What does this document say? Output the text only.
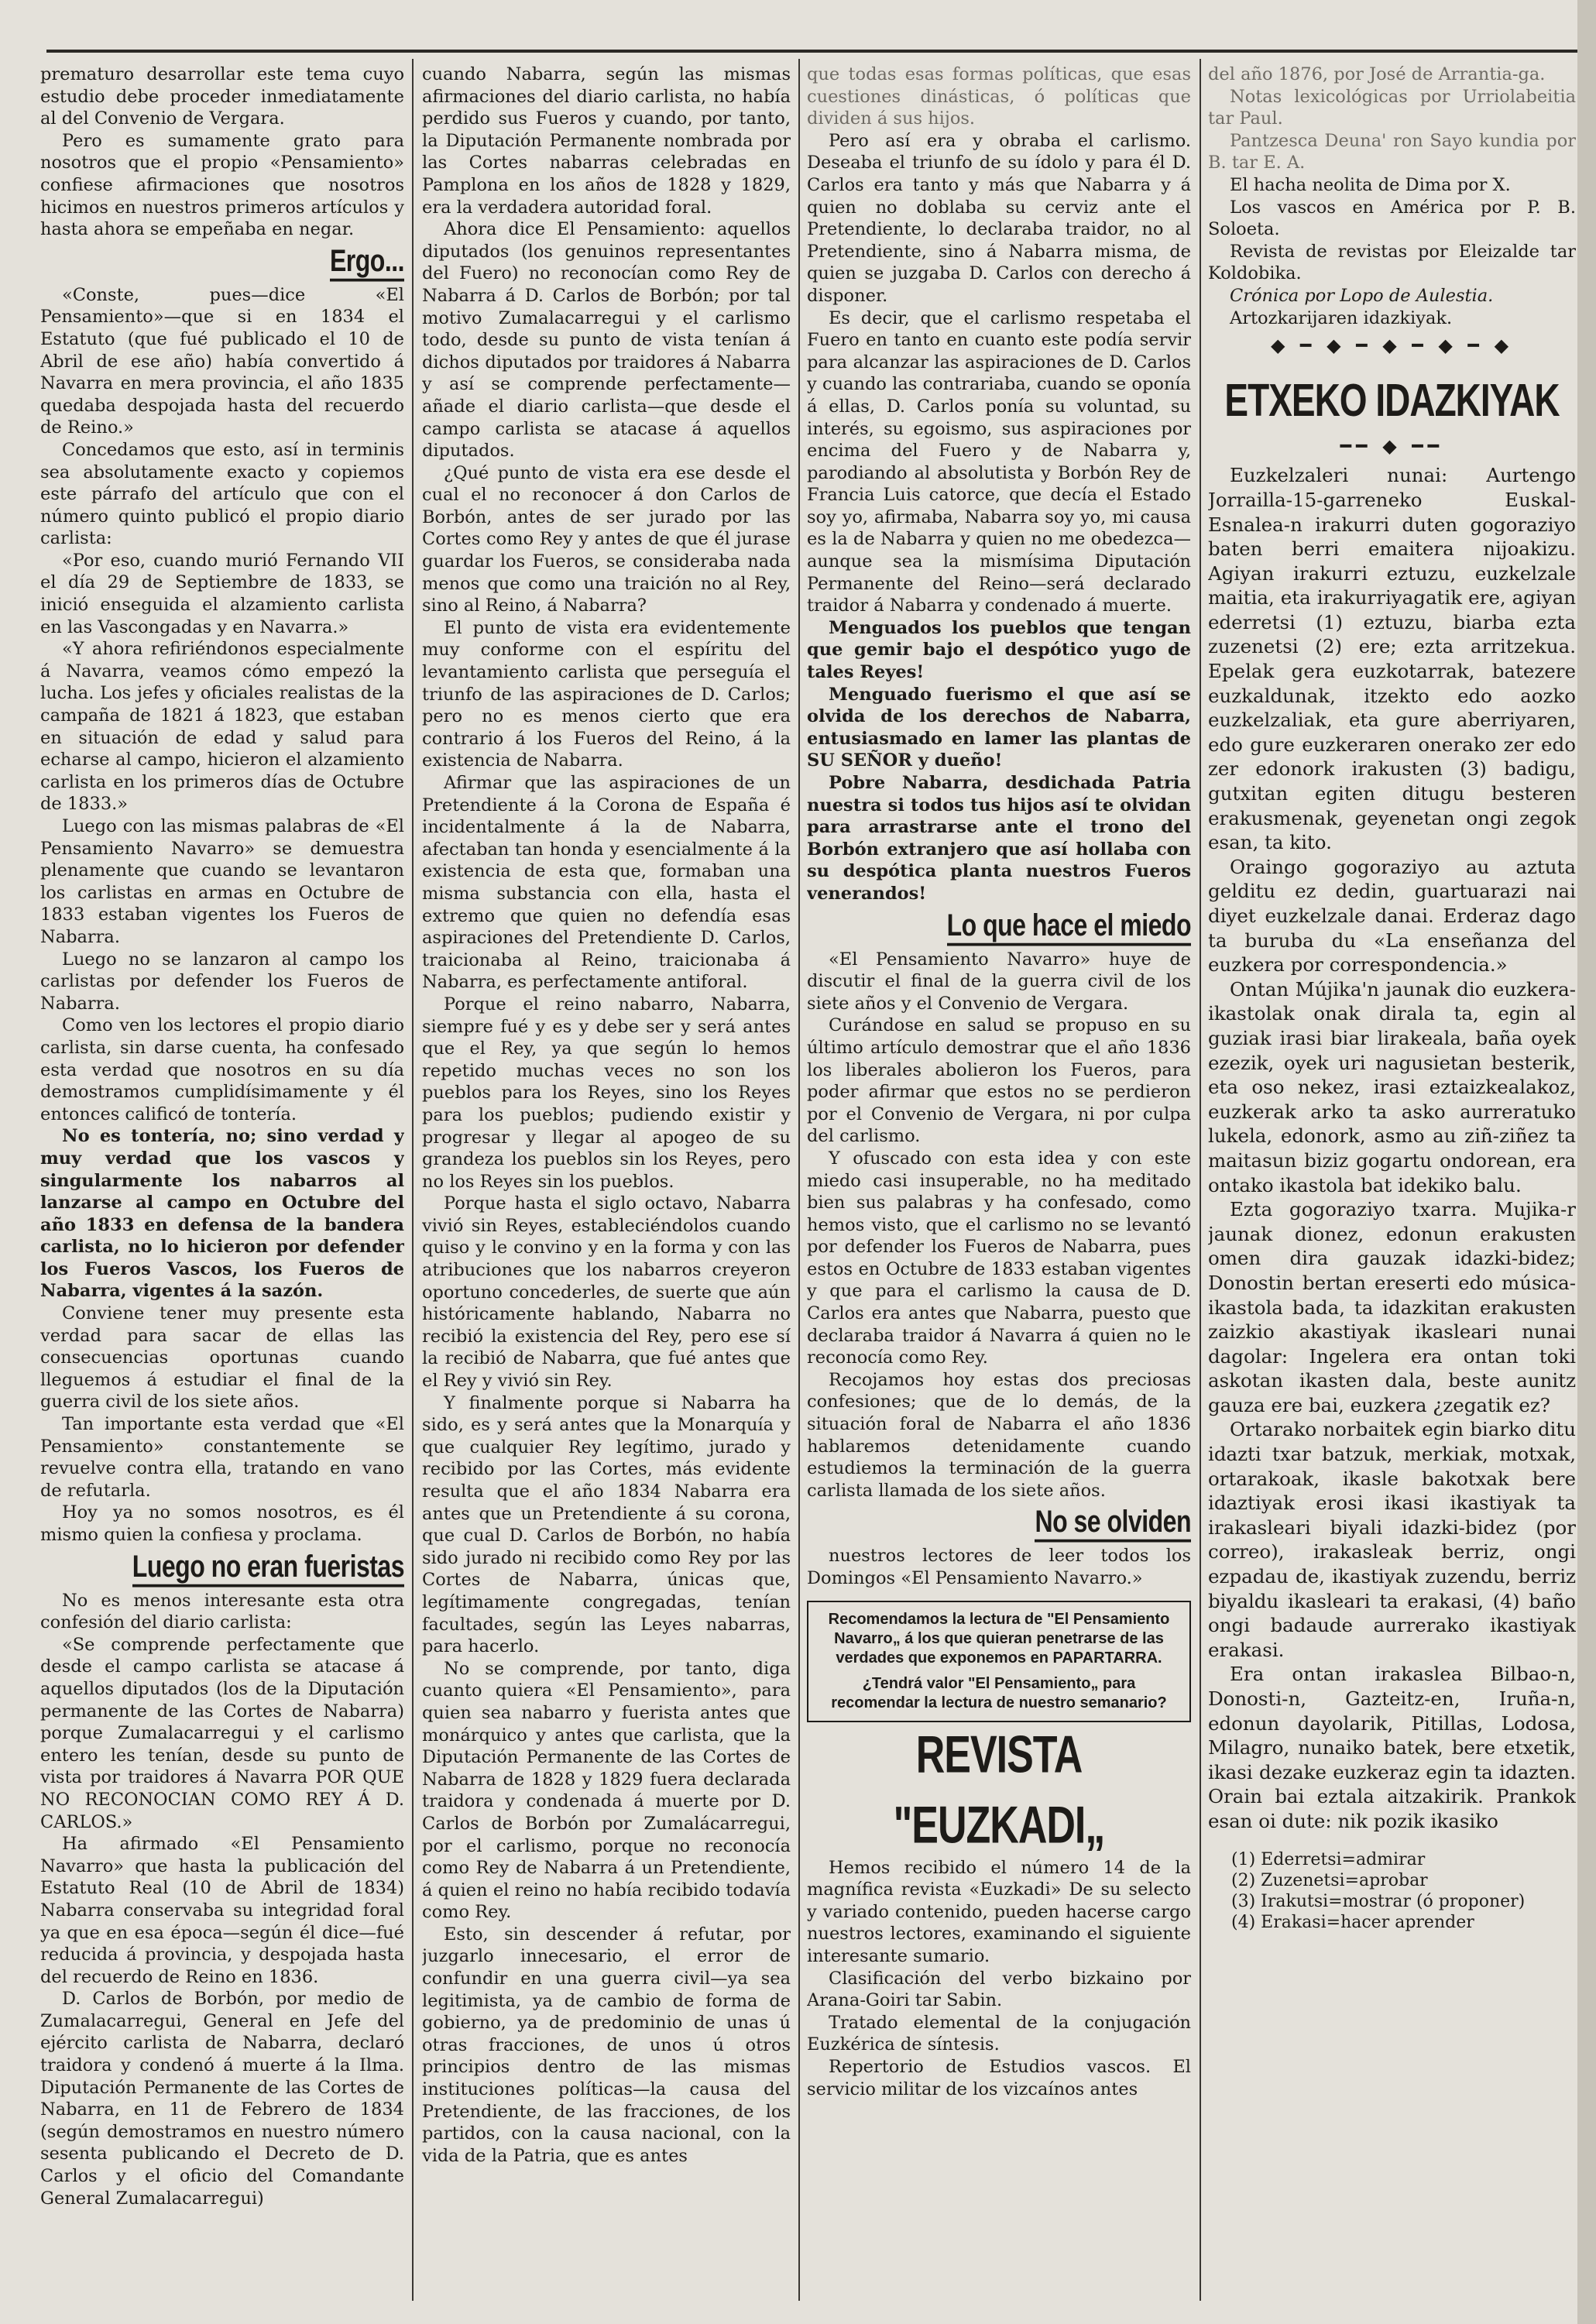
prematuro desarrollar este tema cuyo estudio debe proceder inmediatamente al del Convenio de Vergara.

Pero es sumamente grato para nosotros que el propio «Pensamiento» confiese afirmaciones que nosotros hicimos en nuestros primeros artículos y hasta ahora se empeñaba en negar.

Ergo...

«Conste, pues—dice «El Pensamiento»—que si en 1834 el Estatuto (que fué publicado el 10 de Abril de ese año) había convertido á Navarra en mera provincia, el año 1835 quedaba despojada hasta del recuerdo de Reino.»

Concedamos que esto, así in terminis sea absolutamente exacto y copiemos este párrafo del artículo que con el número quinto publicó el propio diario carlista:

«Por eso, cuando murió Fernando VII el día 29 de Septiembre de 1833, se inició enseguida el alzamiento carlista en las Vascongadas y en Navarra.»

«Y ahora refiriéndonos especialmente á Navarra, veamos cómo empezó la lucha. Los jefes y oficiales realistas de la campaña de 1821 á 1823, que estaban en situación de edad y salud para echarse al campo, hicieron el alzamiento carlista en los primeros días de Octubre de 1833.»

Luego con las mismas palabras de «El Pensamiento Navarro» se demuestra plenamente que cuando se levantaron los carlistas en armas en Octubre de 1833 estaban vigentes los Fueros de Nabarra.

Luego no se lanzaron al campo los carlistas por defender los Fueros de Nabarra.

Como ven los lectores el propio diario carlista, sin darse cuenta, ha confesado esta verdad que nosotros en su día demostramos cumplidísimamente y él entonces calificó de tontería.

No es tontería, no; sino verdad y muy verdad que los vascos y singularmente los nabarros al lanzarse al campo en Octubre del año 1833 en defensa de la bandera carlista, no lo hicieron por defender los Fueros Vascos, los Fueros de Nabarra, vigentes á la sazón.

Conviene tener muy presente esta verdad para sacar de ellas las consecuencias oportunas cuando lleguemos á estudiar el final de la guerra civil de los siete años.

Tan importante esta verdad que «El Pensamiento» constantemente se revuelve contra ella, tratando en vano de refutarla.

Hoy ya no somos nosotros, es él mismo quien la confiesa y proclama.

Luego no eran fueristas

No es menos interesante esta otra confesión del diario carlista:

«Se comprende perfectamente que desde el campo carlista se atacase á aquellos diputados (los de la Diputación permanente de las Cortes de Nabarra) porque Zumalacarregui y el carlismo entero les tenían, desde su punto de vista por traidores á Navarra POR QUE NO RECONOCIAN COMO REY Á D. CARLOS.»

Ha afirmado «El Pensamiento Navarro» que hasta la publicación del Estatuto Real (10 de Abril de 1834) Nabarra conservaba su integridad foral ya que en esa época—según él dice—fué reducida á provincia, y despojada hasta del recuerdo de Reino en 1836.

D. Carlos de Borbón, por medio de Zumalacarregui, General en Jefe del ejército carlista de Nabarra, declaró traidora y condenó á muerte á la Ilma. Diputación Permanente de las Cortes de Nabarra, en 11 de Febrero de 1834 (según demostramos en nuestro número sesenta publicando el Decreto de D. Carlos y el oficio del Comandante General Zumalacarregui)

cuando Nabarra, según las mismas afirmaciones del diario carlista, no había perdido sus Fueros y cuando, por tanto, la Diputación Permanente nombrada por las Cortes nabarras celebradas en Pamplona en los años de 1828 y 1829, era la verdadera autoridad foral.

Ahora dice El Pensamiento: aquellos diputados (los genuinos representantes del Fuero) no reconocían como Rey de Nabarra á D. Carlos de Borbón; por tal motivo Zumalacarregui y el carlismo todo, desde su punto de vista tenían á dichos diputados por traidores á Nabarra y así se comprende perfectamente—añade el diario carlista—que desde el campo carlista se atacase á aquellos diputados.

¿Qué punto de vista era ese desde el cual el no reconocer á don Carlos de Borbón, antes de ser jurado por las Cortes como Rey y antes de que él jurase guardar los Fueros, se consideraba nada menos que como una traición no al Rey, sino al Reino, á Nabarra?

El punto de vista era evidentemente muy conforme con el espíritu del levantamiento carlista que perseguía el triunfo de las aspiraciones de D. Carlos; pero no es menos cierto que era contrario á los Fueros del Reino, á la existencia de Nabarra.

Afirmar que las aspiraciones de un Pretendiente á la Corona de España é incidentalmente á la de Nabarra, afectaban tan honda y esencialmente á la existencia de esta que, formaban una misma substancia con ella, hasta el extremo que quien no defendía esas aspiraciones del Pretendiente D. Carlos, traicionaba al Reino, traicionaba á Nabarra, es perfectamente antiforal.

Porque el reino nabarro, Nabarra, siempre fué y es y debe ser y será antes que el Rey, ya que según lo hemos repetido muchas veces no son los pueblos para los Reyes, sino los Reyes para los pueblos; pudiendo existir y progresar y llegar al apogeo de su grandeza los pueblos sin los Reyes, pero no los Reyes sin los pueblos.

Porque hasta el siglo octavo, Nabarra vivió sin Reyes, estableciéndolos cuando quiso y le convino y en la forma y con las atribuciones que los nabarros creyeron oportuno concederles, de suerte que aún históricamente hablando, Nabarra no recibió la existencia del Rey, pero ese sí la recibió de Nabarra, que fué antes que el Rey y vivió sin Rey.

Y finalmente porque si Nabarra ha sido, es y será antes que la Monarquía y que cualquier Rey legítimo, jurado y recibido por las Cortes, más evidente resulta que el año 1834 Nabarra era antes que un Pretendiente á su corona, que cual D. Carlos de Borbón, no había sido jurado ni recibido como Rey por las Cortes de Nabarra, únicas que, legítimamente congregadas, tenían facultades, según las Leyes nabarras, para hacerlo.

No se comprende, por tanto, diga cuanto quiera «El Pensamiento», para quien sea nabarro y fuerista antes que monárquico y antes que carlista, que la Diputación Permanente de las Cortes de Nabarra de 1828 y 1829 fuera declarada traidora y condenada á muerte por D. Carlos de Borbón por Zumalácarregui, por el carlismo, porque no reconocía como Rey de Nabarra á un Pretendiente, á quien el reino no había recibido todavía como Rey.

Esto, sin descender á refutar, por juzgarlo innecesario, el error de confundir en una guerra civil—ya sea legitimista, ya de cambio de forma de gobierno, ya de predominio de unas ú otras fracciones, de unos ú otros principios dentro de las mismas instituciones políticas—la causa del Pretendiente, de las fracciones, de los partidos, con la causa nacional, con la vida de la Patria, que es antes

que todas esas formas políticas, que esas cuestiones dinásticas, ó políticas que dividen á sus hijos.

Pero así era y obraba el carlismo. Deseaba el triunfo de su ídolo y para él D. Carlos era tanto y más que Nabarra y á quien no doblaba su cerviz ante el Pretendiente, lo declaraba traidor, no al Pretendiente, sino á Nabarra misma, de quien se juzgaba D. Carlos con derecho á disponer.

Es decir, que el carlismo respetaba el Fuero en tanto en cuanto este podía servir para alcanzar las aspiraciones de D. Carlos y cuando las contrariaba, cuando se oponía á ellas, D. Carlos ponía su voluntad, su interés, su egoismo, sus aspiraciones por encima del Fuero y de Nabarra y, parodiando al absolutista y Borbón Rey de Francia Luis catorce, que decía el Estado soy yo, afirmaba, Nabarra soy yo, mi causa es la de Nabarra y quien no me obedezca—aunque sea la mismísima Diputación Permanente del Reino—será declarado traidor á Nabarra y condenado á muerte.

Menguados los pueblos que tengan que gemir bajo el despótico yugo de tales Reyes!

Menguado fuerismo el que así se olvida de los derechos de Nabarra, entusiasmado en lamer las plantas de SU SEÑOR y dueño!

Pobre Nabarra, desdichada Patria nuestra si todos tus hijos así te olvidan para arrastrarse ante el trono del Borbón extranjero que así hollaba con su despótica planta nuestros Fueros venerandos!

Lo que hace el miedo

«El Pensamiento Navarro» huye de discutir el final de la guerra civil de los siete años y el Convenio de Vergara.

Curándose en salud se propuso en su último artículo demostrar que el año 1836 los liberales abolieron los Fueros, para poder afirmar que estos no se perdieron por el Convenio de Vergara, ni por culpa del carlismo.

Y ofuscado con esta idea y con este miedo casi insuperable, no ha meditado bien sus palabras y ha confesado, como hemos visto, que el carlismo no se levantó por defender los Fueros de Nabarra, pues estos en Octubre de 1833 estaban vigentes y que para el carlismo la causa de D. Carlos era antes que Nabarra, puesto que declaraba traidor á Navarra á quien no le reconocía como Rey.

Recojamos hoy estas dos preciosas confesiones; que de lo demás, de la situación foral de Nabarra el año 1836 hablaremos detenidamente cuando estudiemos la terminación de la guerra carlista llamada de los siete años.

No se olviden

nuestros lectores de leer todos los Domingos «El Pensamiento Navarro.»

Recomendamos la lectura de "El Pensamiento Navarro„ á los que quieran penetrarse de las verdades que exponemos en PAPARTARRA.
¿Tendrá valor "El Pensamiento„ para recomendar la lectura de nuestro semanario?
REVISTA "EUZKADI„

Hemos recibido el número 14 de la magnífica revista «Euzkadi» De su selecto y variado contenido, pueden hacerse cargo nuestros lectores, examinando el siguiente interesante sumario.

Clasificación del verbo bizkaino por Arana-Goiri tar Sabin.

Tratado elemental de la conjugación Euzkérica de síntesis.

Repertorio de Estudios vascos. El servicio militar de los vizcaínos antes

del año 1876, por José de Arrantia-ga.

Notas lexicológicas por Urriolabeitia tar Paul.

Pantzesca Deuna' ron Sayo kundia por B. tar E. A.

El hacha neolita de Dima por X.

Los vascos en América por P. B. Soloeta.

Revista de revistas por Eleizalde tar Koldobika.

Crónica por Lopo de Aulestia.

Artozkarijaren idazkiyak.

◆ ━ ◆ ━ ◆ ━ ◆ ━ ◆
ETXEKO IDAZKIYAK
━━ ◆ ━━

Euzkelzaleri nunai: Aurtengo Jorrailla-15-garreneko Euskal-Esnalea-n irakurri duten gogoraziyo baten berri emaitera nijoakizu. Agiyan irakurri eztuzu, euzkelzale maitia, eta irakurriyagatik ere, agiyan ederretsi (1) eztuzu, biarba ezta zuzenetsi (2) ere; ezta arritzekua. Epelak gera euzkotarrak, batezere euzkaldunak, itzekto edo aozko euzkelzaliak, eta gure aberriyaren, edo gure euzkeraren onerako zer edo zer edonork irakusten (3) badigu, gutxitan egiten ditugu besteren erakusmenak, geyenetan ongi zegok esan, ta kito.

Oraingo gogoraziyo au aztuta gelditu ez dedin, guartuarazi nai diyet euzkelzale danai. Erderaz dago ta buruba du «La enseñanza del euzkera por correspondencia.»

Ontan Mújika'n jaunak dio euzkera-ikastolak onak dirala ta, egin al guziak irasi biar lirakeala, baña oyek ezezik, oyek uri nagusietan besterik, eta oso nekez, irasi eztaizkealakoz, euzkerak arko ta asko aurreratuko lukela, edonork, asmo au ziñ-ziñez ta maitasun biziz gogartu ondorean, era ontako ikastola bat idekiko balu.

Ezta gogoraziyo txarra. Mujika-r jaunak dionez, edonun erakusten omen dira gauzak idazki-bidez; Donostin bertan ereserti edo música-ikastola bada, ta idazkitan erakusten zaizkio akastiyak ikasleari nunai dagolar: Ingelera era ontan toki askotan ikasten dala, beste aunitz gauza ere bai, euzkera ¿zegatik ez?

Ortarako norbaitek egin biarko ditu idazti txar batzuk, merkiak, motxak, ortarakoak, ikasle bakotxak bere idaztiyak erosi ikasi ikastiyak ta irakasleari biyali idazki-bidez (por correo), irakasleak berriz, ongi ezpadau de, ikastiyak zuzendu, berriz biyaldu ikasleari ta erakasi, (4) baño ongi badaude aurrerako ikastiyak erakasi.

Era ontan irakaslea Bilbao-n, Donosti-n, Gazteitz-en, Iruña-n, edonun dayolarik, Pitillas, Lodosa, Milagro, nunaiko batek, bere etxetik, ikasi dezake euzkeraz egin ta idazten. Orain bai eztala aitzakirik. Prankok esan oi dute: nik pozik ikasiko

(1) Ederretsi=admirar
(2) Zuzenetsi=aprobar
(3) Irakutsi=mostrar (ó proponer)
(4) Erakasi=hacer aprender
